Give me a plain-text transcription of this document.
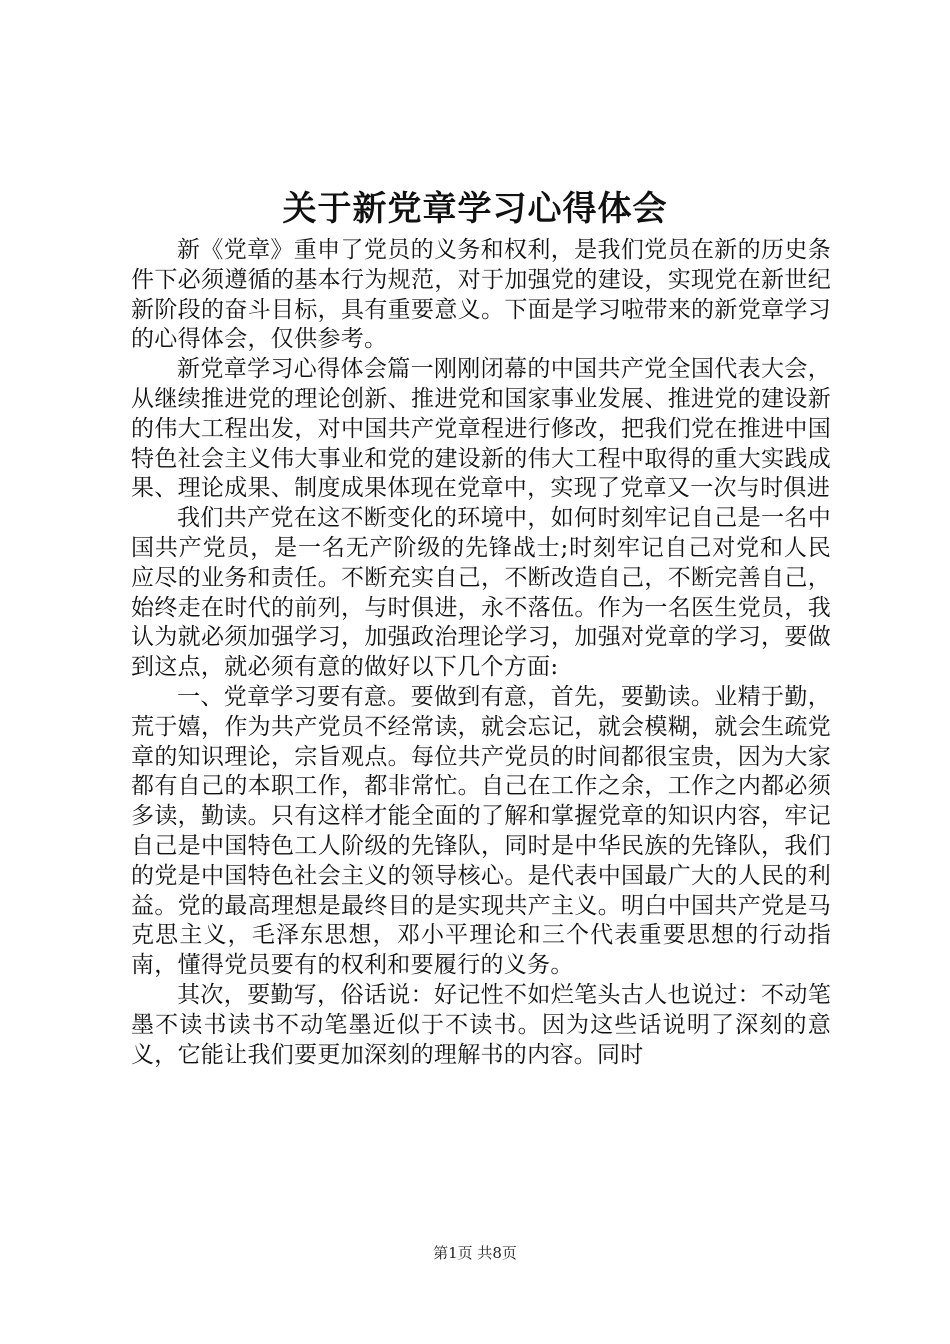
关于新党章学习心得体会

新《党章》重申了党员的义务和权利，是我们党员在新的历史条件下必须遵循的基本行为规范，对于加强党的建设，实现党在新世纪新阶段的奋斗目标，具有重要意义。下面是学习啦带来的新党章学习的心得体会，仅供参考。

新党章学习心得体会篇一刚刚闭幕的中国共产党全国代表大会，从继续推进党的理论创新、推进党和国家事业发展、推进党的建设新的伟大工程出发，对中国共产党章程进行修改，把我们党在推进中国特色社会主义伟大事业和党的建设新的伟大工程中取得的重大实践成果、理论成果、制度成果体现在党章中，实现了党章又一次与时俱进

我们共产党在这不断变化的环境中，如何时刻牢记自己是一名中国共产党员，是一名无产阶级的先锋战士;时刻牢记自己对党和人民应尽的业务和责任。不断充实自己，不断改造自己，不断完善自己，始终走在时代的前列，与时俱进，永不落伍。作为一名医生党员，我认为就必须加强学习，加强政治理论学习，加强对党章的学习，要做到这点，就必须有意的做好以下几个方面:

一、党章学习要有意。要做到有意，首先，要勤读。业精于勤，荒于嬉，作为共产党员不经常读，就会忘记，就会模糊，就会生疏党章的知识理论，宗旨观点。每位共产党员的时间都很宝贵，因为大家都有自己的本职工作，都非常忙。自己在工作之余，工作之内都必须多读，勤读。只有这样才能全面的了解和掌握党章的知识内容，牢记自己是中国特色工人阶级的先锋队，同时是中华民族的先锋队，我们的党是中国特色社会主义的领导核心。是代表中国最广大的人民的利益。党的最高理想是最终目的是实现共产主义。明白中国共产党是马克思主义，毛泽东思想，邓小平理论和三个代表重要思想的行动指南，懂得党员要有的权利和要履行的义务。

其次，要勤写，俗话说：好记性不如烂笔头古人也说过：不动笔墨不读书读书不动笔墨近似于不读书。因为这些话说明了深刻的意义，它能让我们要更加深刻的理解书的内容。同时

第1页 共8页
